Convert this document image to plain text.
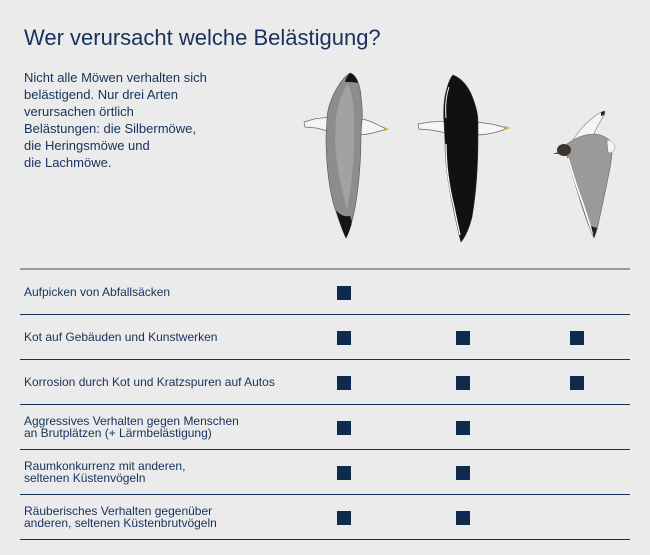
Wer verursacht welche Belästigung?
Nicht alle Möwen verhalten sich
belästigend. Nur drei Arten
verursachen örtlich
Belästungen: die Silbermöwe,
die Heringsmöwe und
die Lachmöwe.
Aufpicken von Abfallsäcken
Kot auf Gebäuden und Kunstwerken
Korrosion durch Kot und Kratzspuren auf Autos
Aggressives Verhalten gegen Menschen
an Brutplätzen (+ Lärmbelästigung)
Raumkonkurrenz mit anderen,
seltenen Küstenvögeln
Räuberisches Verhalten gegenüber
anderen, seltenen Küstenbrutvögeln
